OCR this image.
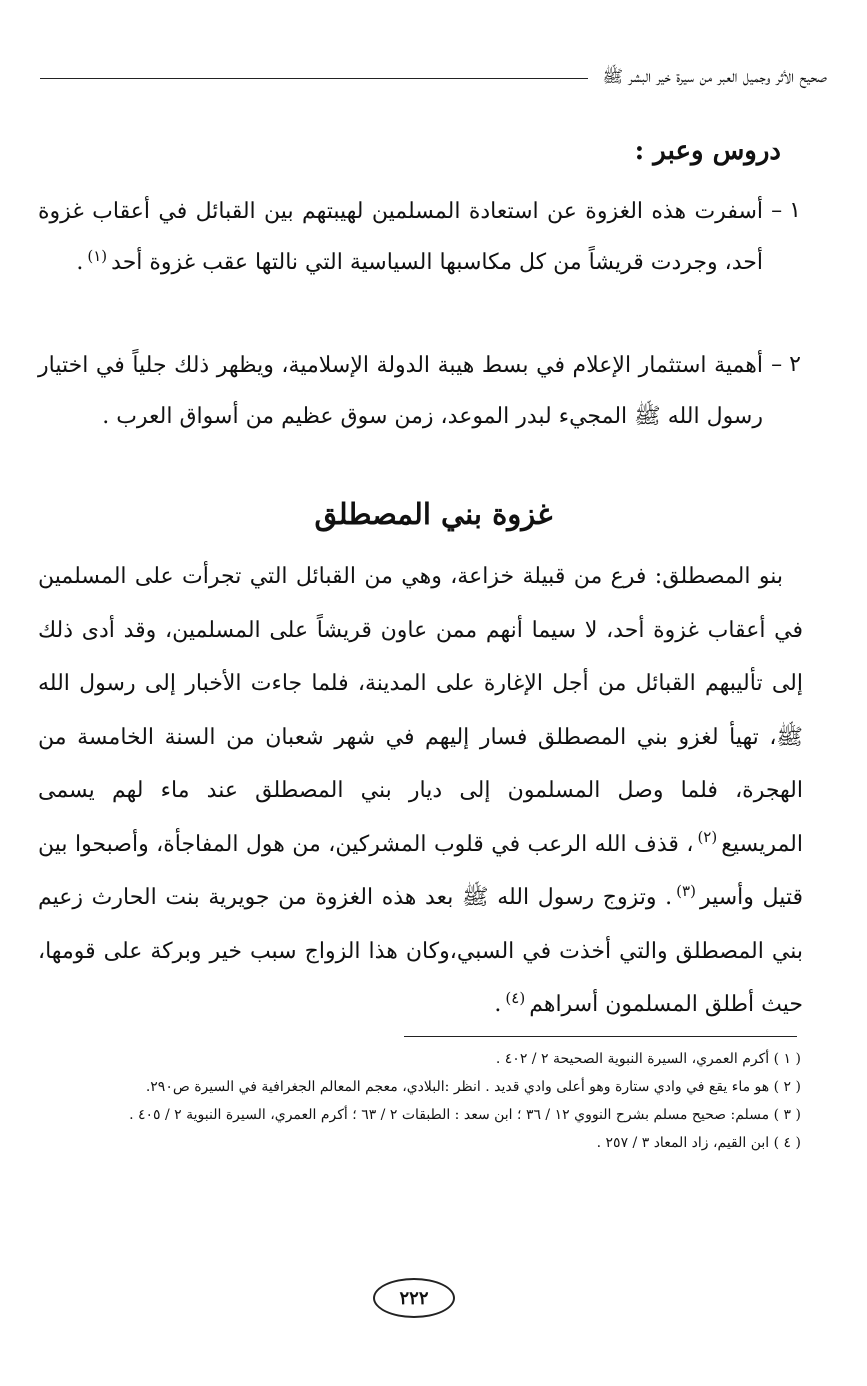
صحيح الأثر وجميل العبر من سيرة خير البشر ﷺ
دروس وعبر :
١ –
أسفرت هذه الغزوة عن استعادة المسلمين لهيبتهم بين القبائل في أعقاب غزوة أحد، وجردت قريشاً من كل مكاسبها السياسية التي نالتها عقب غزوة أحد$^{(١)}$.
٢ –
أهمية استثمار الإعلام في بسط هيبة الدولة الإسلامية، ويظهر ذلك جلياً في اختيار رسول الله ﷺ المجيء لبدر الموعد، زمن سوق عظيم من أسواق العرب .
غزوة بني المصطلق
بنو المصطلق: فرع من قبيلة خزاعة، وهي من القبائل التي تجرأت على المسلمين في أعقاب غزوة أحد، لا سيما أنهم ممن عاون قريشاً على المسلمين، وقد أدى ذلك إلى تأليبهم القبائل من أجل الإغارة على المدينة، فلما جاءت الأخبار إلى رسول الله ﷺ، تهيأ لغزو بني المصطلق فسار إليهم في شهر شعبان من السنة الخامسة من الهجرة، فلما وصل المسلمون إلى ديار بني المصطلق عند ماء لهم يسمى المريسيع$^{(٢)}$، قذف الله الرعب في قلوب المشركين، من هول المفاجأة، وأصبحوا بين قتيل وأسير$^{(٣)}$. وتزوج رسول الله ﷺ بعد هذه الغزوة من جويرية بنت الحارث زعيم بني المصطلق والتي أخذت في السبي،وكان هذا الزواج سبب خير وبركة على قومها، حيث أطلق المسلمون أسراهم$^{(٤)}$.

( ١ ) أكرم العمري، السيرة النبوية الصحيحة ٢ / ٤٠٢ .

( ٢ ) هو ماء يقع في وادي ستارة وهو أعلى وادي قديد . انظر :البلادي، معجم المعالم الجغرافية في السيرة ص٢٩٠.

( ٣ ) مسلم: صحيح مسلم بشرح النووي ١٢ / ٣٦ ؛ ابن سعد : الطبقات ٢ / ٦٣ ؛ أكرم العمري، السيرة النبوية ٢ / ٤٠٥ .

( ٤ ) ابن القيم، زاد المعاد ٣ / ٢٥٧ .

٢٢٢
